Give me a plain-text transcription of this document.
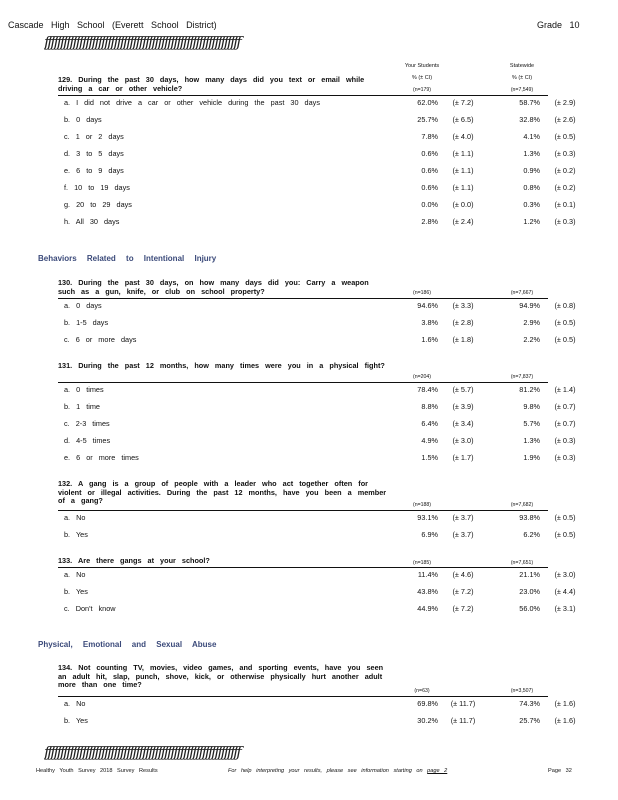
Cascade High School (Everett School District)	Grade 10
ƒƒƒƒƒƒƒƒƒƒƒƒƒƒƒƒƒƒƒƒƒƒƒƒƒƒƒƒƒƒƒƒƒƒƒƒƒƒƒƒƒƒƒƒƒƒƒƒƒƒƒƒƒƒƒƒƒƒƒƒƒƒ
Your Students
% (± CI)
Statewide
% (± CI)
129. During the past 30 days, how many days did you text or email while driving a car or other vehicle?	(n=179)	(n=7,549)
a. I did not drive a car or other vehicle during the past 30 days	62.0%	(± 7.2)	58.7%	(± 2.9)
b. 0 days	25.7%	(± 6.5)	32.8%	(± 2.6)
c. 1 or 2 days	7.8%	(± 4.0)	4.1%	(± 0.5)
d. 3 to 5 days	0.6%	(± 1.1)	1.3%	(± 0.3)
e. 6 to 9 days	0.6%	(± 1.1)	0.9%	(± 0.2)
f. 10 to 19 days	0.6%	(± 1.1)	0.8%	(± 0.2)
g. 20 to 29 days	0.0%	(± 0.0)	0.3%	(± 0.1)
h. All 30 days	2.8%	(± 2.4)	1.2%	(± 0.3)
Behaviors Related to Intentional Injury
130. During the past 30 days, on how many days did you: Carry a weapon such as a gun, knife, or club on school property?	(n=186)	(n=7,667)
a. 0 days	94.6%	(± 3.3)	94.9%	(± 0.8)
b. 1-5 days	3.8%	(± 2.8)	2.9%	(± 0.5)
c. 6 or more days	1.6%	(± 1.8)	2.2%	(± 0.5)
131. During the past 12 months, how many times were you in a physical fight?
(n=204)	(n=7,837)
a. 0 times	78.4%	(± 5.7)	81.2%	(± 1.4)
b. 1 time	8.8%	(± 3.9)	9.8%	(± 0.7)
c. 2-3 times	6.4%	(± 3.4)	5.7%	(± 0.7)
d. 4-5 times	4.9%	(± 3.0)	1.3%	(± 0.3)
e. 6 or more times	1.5%	(± 1.7)	1.9%	(± 0.3)
132. A gang is a group of people with a leader who act together often for violent or illegal activities. During the past 12 months, have you been a member of a gang?	(n=188)	(n=7,682)
a. No	93.1%	(± 3.7)	93.8%	(± 0.5)
b. Yes	6.9%	(± 3.7)	6.2%	(± 0.5)
133. Are there gangs at your school?	(n=185)	(n=7,651)
a. No	11.4%	(± 4.6)	21.1%	(± 3.0)
b. Yes	43.8%	(± 7.2)	23.0%	(± 4.4)
c. Don't know	44.9%	(± 7.2)	56.0%	(± 3.1)
Physical, Emotional and Sexual Abuse
134. Not counting TV, movies, video games, and sporting events, have you seen an adult hit, slap, punch, shove, kick, or otherwise physically hurt another adult more than one time?
(n=63)	(n=3,507)
a. No	69.8%	(± 11.7)	74.3%	(± 1.6)
b. Yes	30.2%	(± 11.7)	25.7%	(± 1.6)
ƒƒƒƒƒƒƒƒƒƒƒƒƒƒƒƒƒƒƒƒƒƒƒƒƒƒƒƒƒƒƒƒƒƒƒƒƒƒƒƒƒƒƒƒƒƒƒƒƒƒƒƒƒƒƒƒƒƒƒƒƒƒ
Healthy Youth Survey 2018 Survey Results	For help interpreting your results, please see information starting on page 2	Page 32
